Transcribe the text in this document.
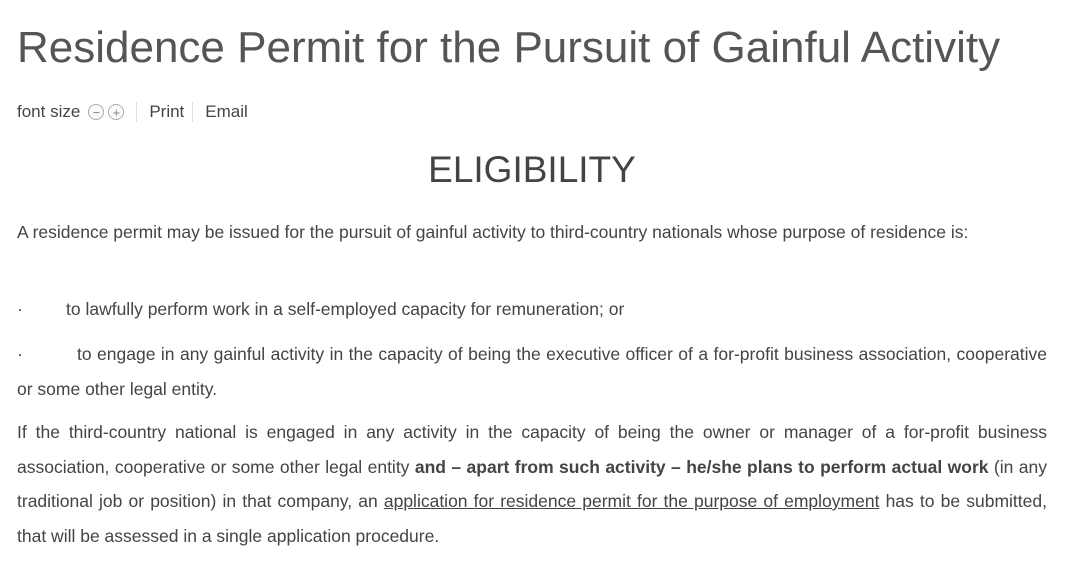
Residence Permit for the Pursuit of Gainful Activity
font size − + Print Email
ELIGIBILITY

A residence permit may be issued for the pursuit of gainful activity to third-country nationals whose purpose of residence is:

· to lawfully perform work in a self-employed capacity for remuneration; or

·	to engage in any gainful activity in the capacity of being the executive officer of a for-profit business association, cooperative or some other legal entity.

If the third-country national is engaged in any activity in the capacity of being the owner or manager of a for-profit business association, cooperative or some other legal entity and – apart from such activity – he/she plans to perform actual work (in any traditional job or position) in that company, an application for residence permit for the purpose of employment has to be submitted, that will be assessed in a single application procedure.
